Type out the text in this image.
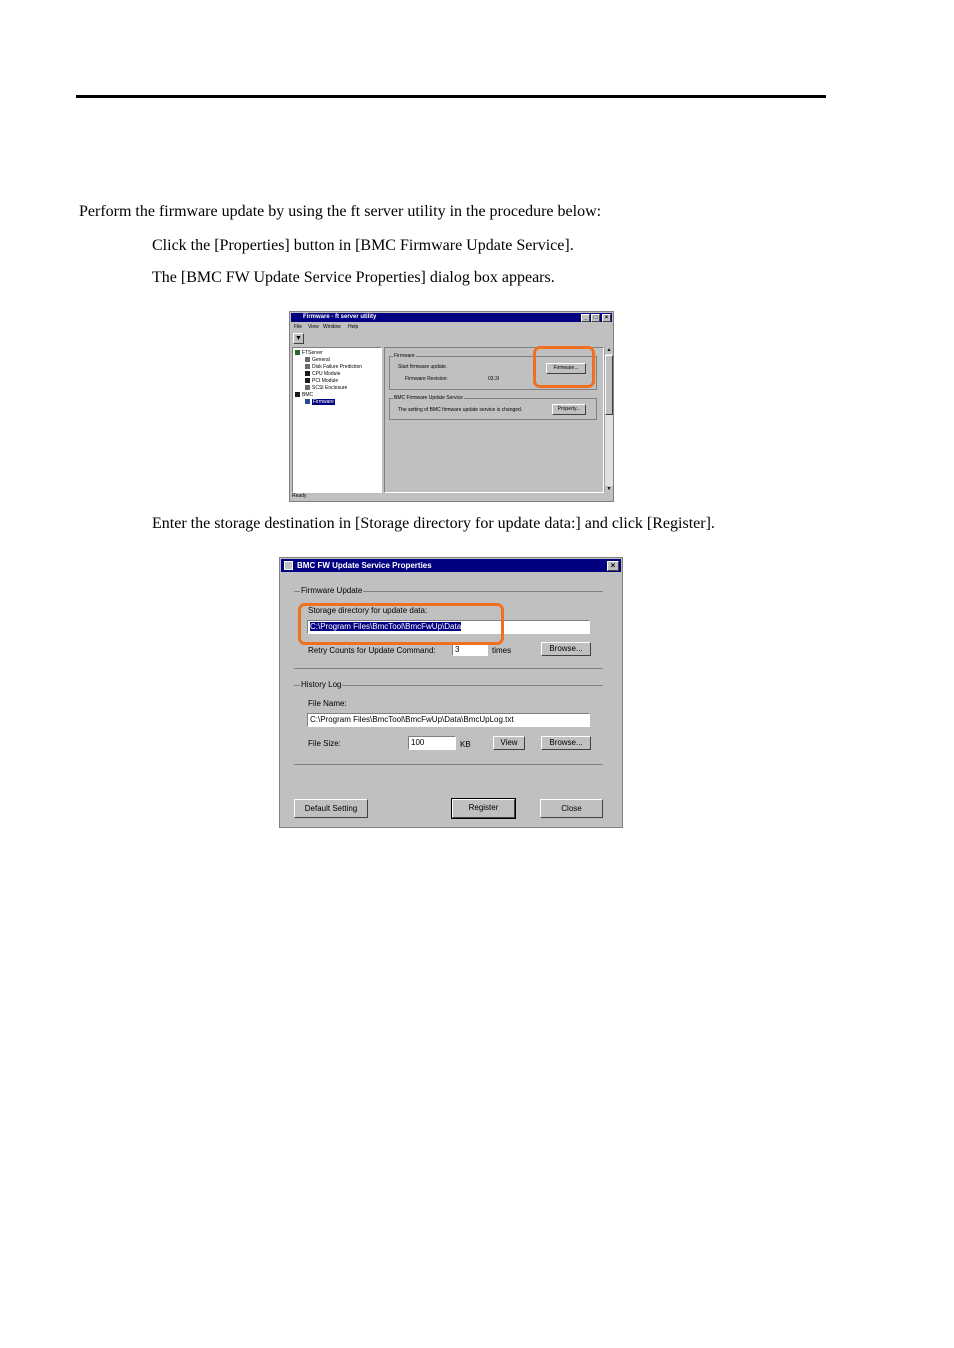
Perform the firmware update by using the ft server utility in the procedure below:
Click the [Properties] button in [BMC Firmware Update Service].
The [BMC FW Update Service Properties] dialog box appears.
Firmware - ft server utility	_	□	×
File View Window Help
▼
FTServer
General
Disk Failure Prediction
CPU Module
PCI Module
SCSI Enclosure
BMC
Firmware
Firmware
Start firmware update.
Firmware Revision:	03.3l
Firmware...
BMC Firmware Update Service
The setting of BMC firmware update service is changed.	Property...
▲
▼
Ready
Enter the storage destination in [Storage directory for update data:] and click [Register].
BMC FW Update Service Properties	×
Firmware Update
Storage directory for update data:
C:\Program Files\BmcTool\BmcFwUp\Data
Retry Counts for Update Command:	3	times	Browse...
History Log
File Name:
C:\Program Files\BmcTool\BmcFwUp\Data\BmcUpLog.txt
File Size:	100	KB	View	Browse...
Default Setting	Register	Close
